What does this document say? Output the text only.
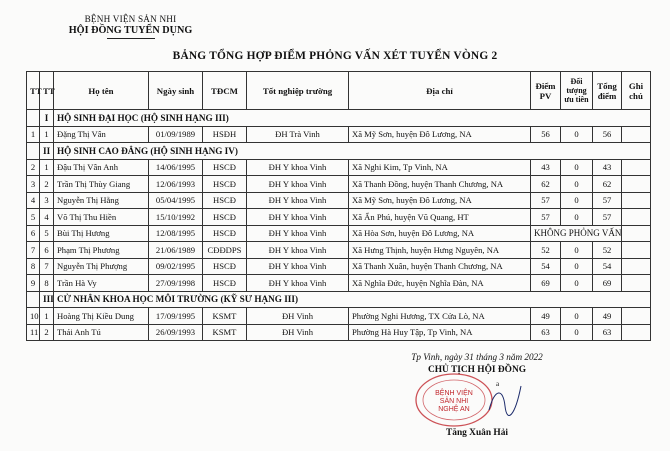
BỆNH VIỆN SẢN NHI
HỘI ĐỒNG TUYỂN DỤNG
BẢNG TỔNG HỢP ĐIỂM PHỎNG VẤN XÉT TUYỂN VÒNG 2
TT	TT	Họ tên	Ngày sinh	TĐCM	Tốt nghiệp trường	Địa chỉ	Điểm PV	Đối tượng ưu tiên	Tổng điểm	Ghi chú
	I	HỘ SINH ĐẠI HỌC (HỘ SINH HẠNG III)								
1	1	Đặng Thị Vân	01/09/1989	HSĐH	ĐH Trà Vinh	Xã Mỹ Sơn, huyện Đô Lương, NA	56	0	56	
	II	HỘ SINH CAO ĐẲNG (HỘ SINH HẠNG IV)								
2	1	Đậu Thị Vân Anh	14/06/1995	HSCĐ	ĐH Y khoa Vinh	Xã Nghi Kim, Tp Vinh, NA	43	0	43	
3	2	Trần Thị Thùy Giang	12/06/1993	HSCĐ	ĐH Y khoa Vinh	Xã Thanh Đồng, huyện Thanh Chương, NA	62	0	62	
4	3	Nguyễn Thị Hằng	05/04/1995	HSCĐ	ĐH Y khoa Vinh	Xã Mỹ Sơn, huyện Đô Lương, NA	57	0	57	
5	4	Võ Thị Thu Hiền	15/10/1992	HSCĐ	ĐH Y khoa Vinh	Xã Ẩn Phú, huyện Vũ Quang, HT	57	0	57	
6	5	Bùi Thị Hương	12/08/1995	HSCĐ	ĐH Y khoa Vinh	Xã Hòa Sơn, huyện Đô Lương, NA	KHÔNG PHỎNG VẤN			
7	6	Phạm Thị Phương	21/06/1989	CĐĐDPS	ĐH Y khoa Vinh	Xã Hưng Thịnh, huyện Hưng Nguyên, NA	52	0	52	
8	7	Nguyễn Thị Phượng	09/02/1995	HSCĐ	ĐH Y khoa Vinh	Xã Thanh Xuân, huyện Thanh Chương, NA	54	0	54	
9	8	Trần Hà Vy	27/09/1998	HSCĐ	ĐH Y khoa Vinh	Xã Nghĩa Đức, huyện Nghĩa Đàn, NA	69	0	69	
	III	CỬ NHÂN KHOA HỌC MÔI TRƯỜNG (KỸ SƯ HẠNG III)								
10	1	Hoàng Thị Kiều Dung	17/09/1995	KSMT	ĐH Vinh	Phường Nghi Hương, TX Cửa Lò, NA	49	0	49	
11	2	Thái Anh Tú	26/09/1993	KSMT	ĐH Vinh	Phường Hà Huy Tập, Tp Vinh, NA	63	0	63	
Tp Vinh, ngày 31 tháng 3 năm 2022
CHỦ TỊCH HỘI ĐỒNG
BỆNH VIỆN
SẢN NHI
NGHỆ AN
a
Tăng Xuân Hải
